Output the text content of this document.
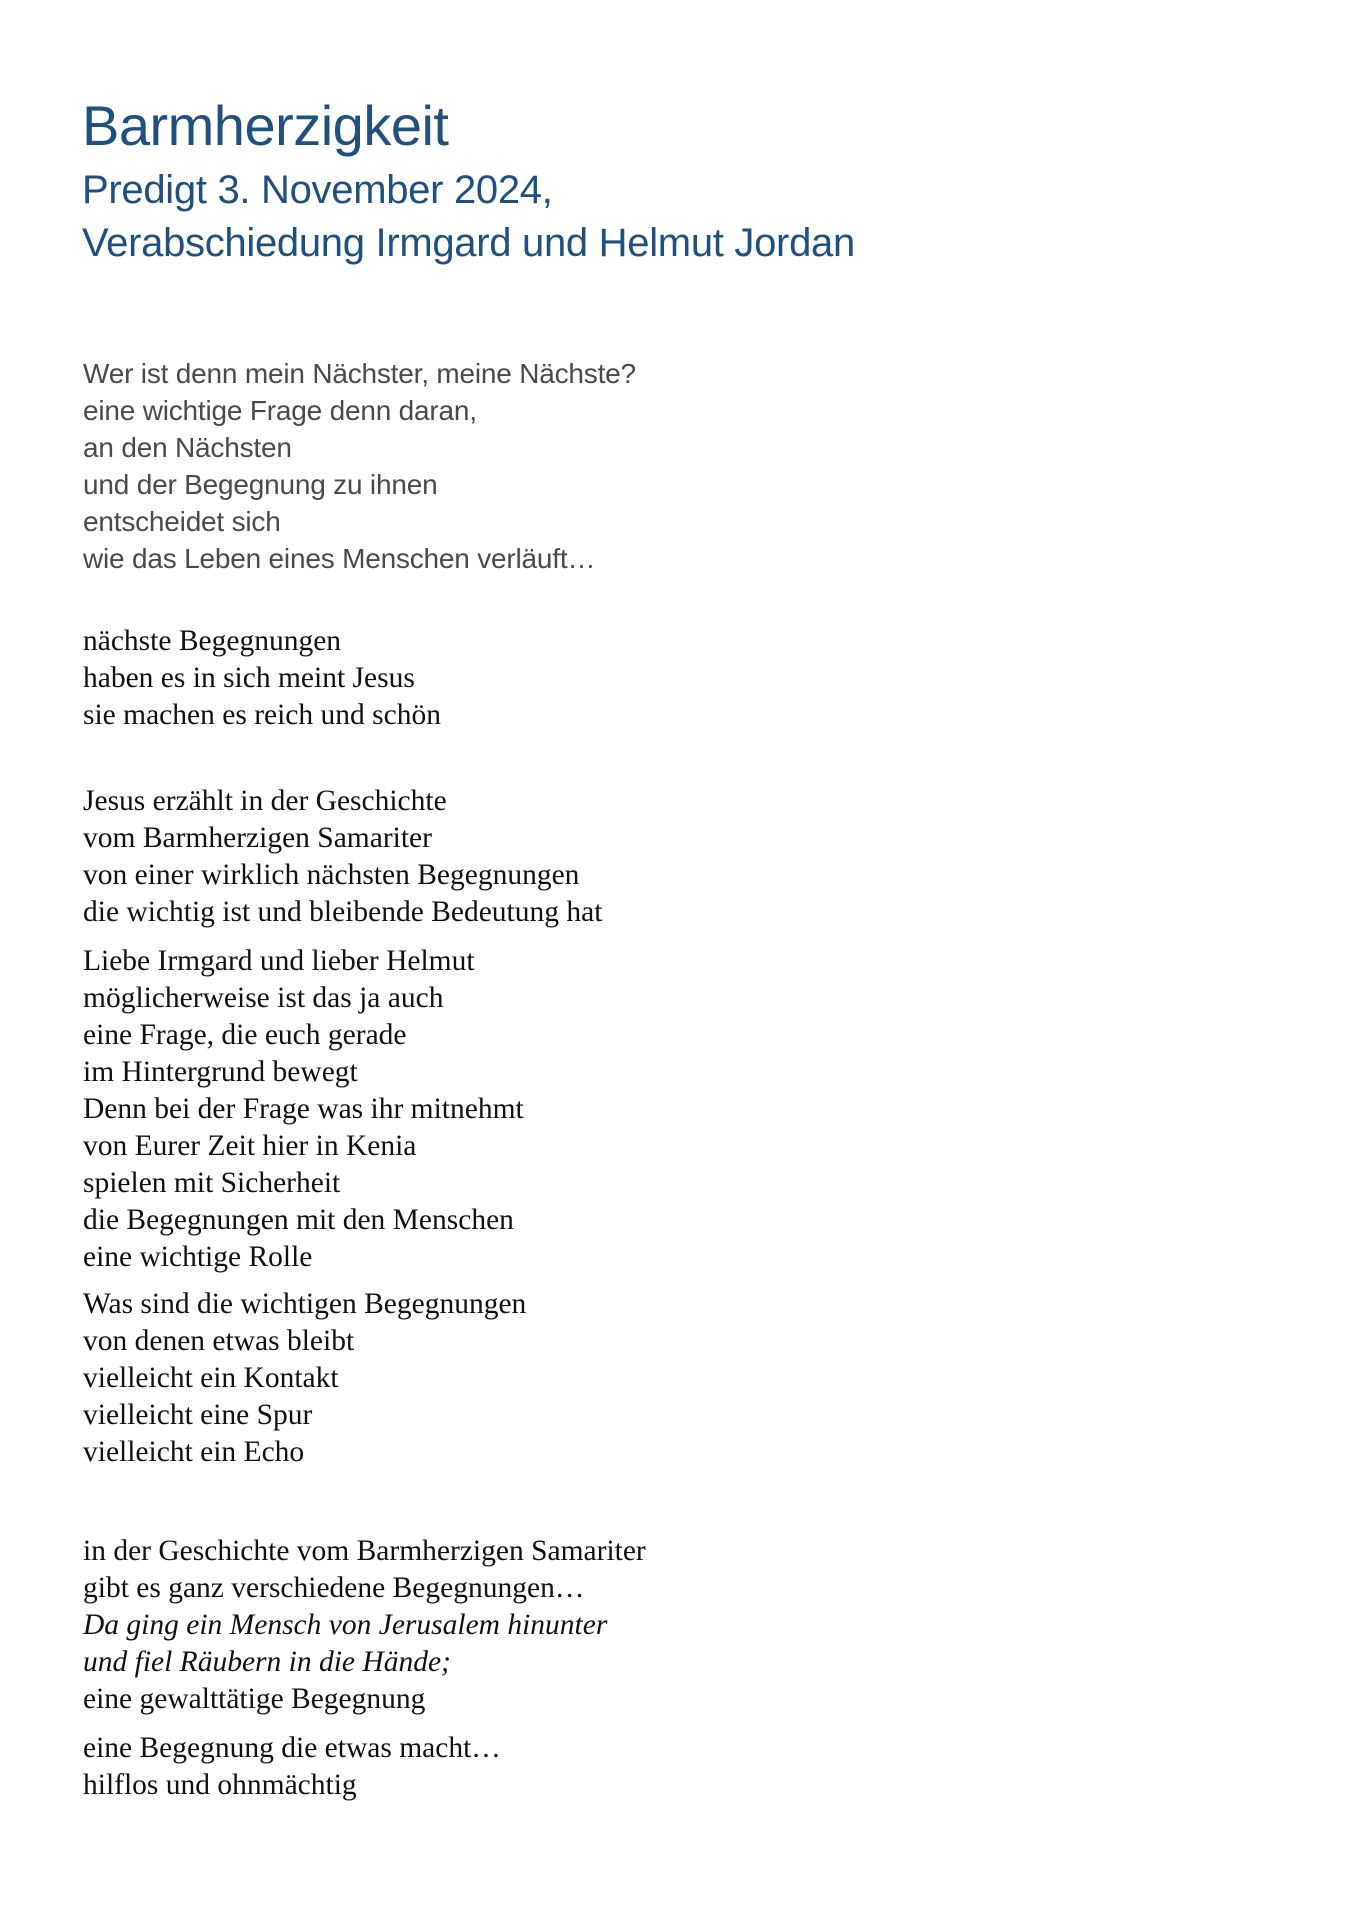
Barmherzigkeit
Predigt 3. November 2024,
Verabschiedung Irmgard und Helmut Jordan

Wer ist denn mein Nächster, meine Nächste?
eine wichtige Frage denn daran,
an den Nächsten
und der Begegnung zu ihnen
entscheidet sich
wie das Leben eines Menschen verläuft…

nächste Begegnungen
haben es in sich meint Jesus
sie machen es reich und schön

Jesus erzählt in der Geschichte
vom Barmherzigen Samariter
von einer wirklich nächsten Begegnungen
die wichtig ist und bleibende Bedeutung hat

Liebe Irmgard und lieber Helmut
möglicherweise ist das ja auch
eine Frage, die euch gerade
im Hintergrund bewegt
Denn bei der Frage was ihr mitnehmt
von Eurer Zeit hier in Kenia
spielen mit Sicherheit
die Begegnungen mit den Menschen
eine wichtige Rolle

Was sind die wichtigen Begegnungen
von denen etwas bleibt
vielleicht ein Kontakt
vielleicht eine Spur
vielleicht ein Echo

in der Geschichte vom Barmherzigen Samariter
gibt es ganz verschiedene Begegnungen…
Da ging ein Mensch von Jerusalem hinunter
und fiel Räubern in die Hände;
eine gewalttätige Begegnung

eine Begegnung die etwas macht…
hilflos und ohnmächtig
